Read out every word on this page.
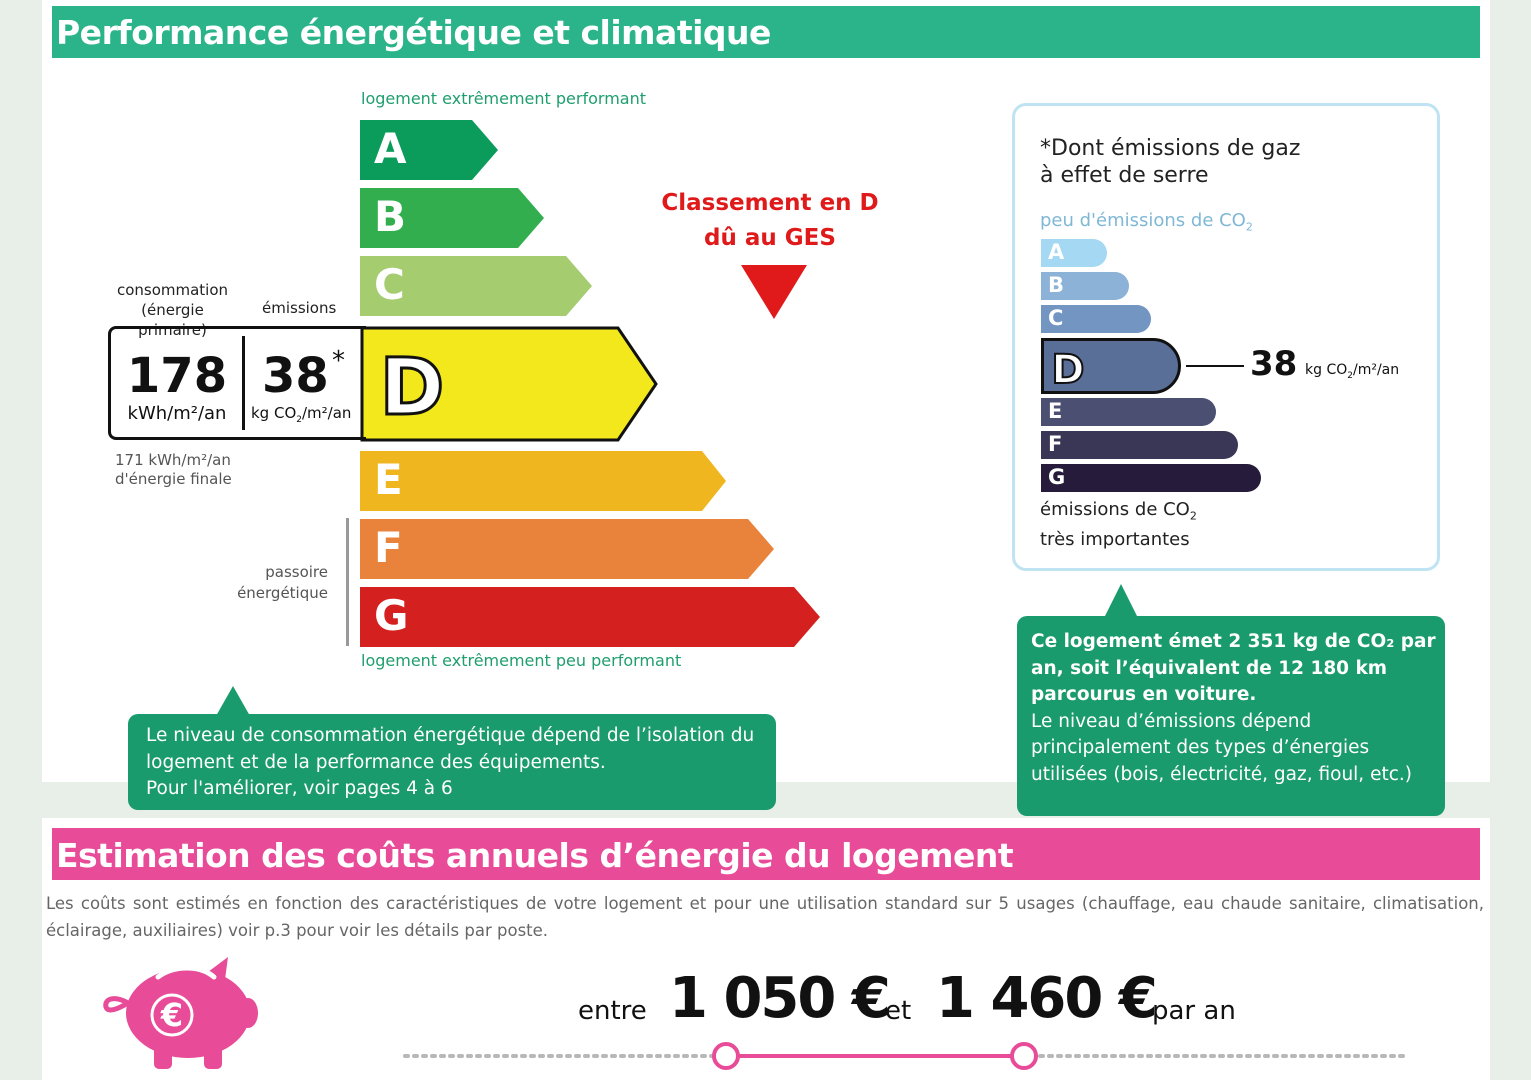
Performance énergétique et climatique
logement extrêmement performant
A
B
C
D
E
F
G
logement extrêmement peu performant
consommation
(énergie primaire)
émissions
178
kWh/m²/an
38 *
kg $CO_2/m^2/an$
171 kWh/m²/an
d'énergie finale
passoire
énergétique
Classement en D
dû au GES
*Dont émissions de gaz
à effet de serre
peu d'émissions de $CO_2$
A
B
C
D
E
F
G
38 kg $CO_2/m^2/an$
émissions de $CO_2$
très importantes
Le niveau de consommation énergétique dépend de l’isolation du
logement et de la performance des équipements.
Pour l'améliorer, voir pages 4 à 6
Ce logement émet 2 351 kg de CO₂ par
an, soit l’équivalent de 12 180 km
parcourus en voiture.
Le niveau d’émissions dépend
principalement des types d’énergies
utilisées (bois, électricité, gaz, fioul, etc.)
Estimation des coûts annuels d’énergie du logement
Les coûts sont estimés en fonction des caractéristiques de votre logement et pour une utilisation standard sur 5 usages (chauffage, eau chaude sanitaire, climatisation, éclairage, auxiliaires) voir p.3 pour voir les détails par poste.
€	entre 1 050 €
et 1 460 €
par an
